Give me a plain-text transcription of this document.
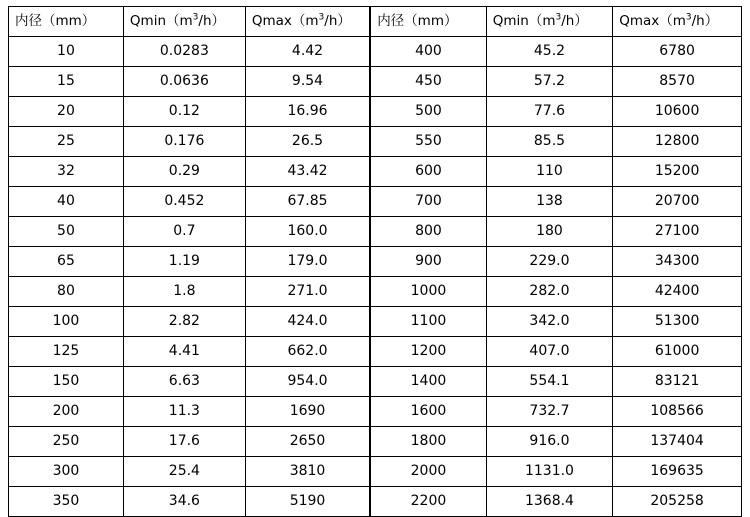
内径（mm）	$Qmin(m^3/h)$	$Qmax(m^3/h)$
10	0.0283	4.42
15	0.0636	9.54
20	0.12	16.96
25	0.176	26.5
32	0.29	43.42
40	0.452	67.85
50	0.7	160.0
65	1.19	179.0
80	1.8	271.0
100	2.82	424.0
125	4.41	662.0
150	6.63	954.0
200	11.3	1690
250	17.6	2650
300	25.4	3810
350	34.6	5190
内径（mm）	$Qmin(m^3/h)$	$Qmax(m^3/h)$
400	45.2	6780
450	57.2	8570
500	77.6	10600
550	85.5	12800
600	110	15200
700	138	20700
800	180	27100
900	229.0	34300
1000	282.0	42400
1100	342.0	51300
1200	407.0	61000
1400	554.1	83121
1600	732.7	108566
1800	916.0	137404
2000	1131.0	169635
2200	1368.4	205258
